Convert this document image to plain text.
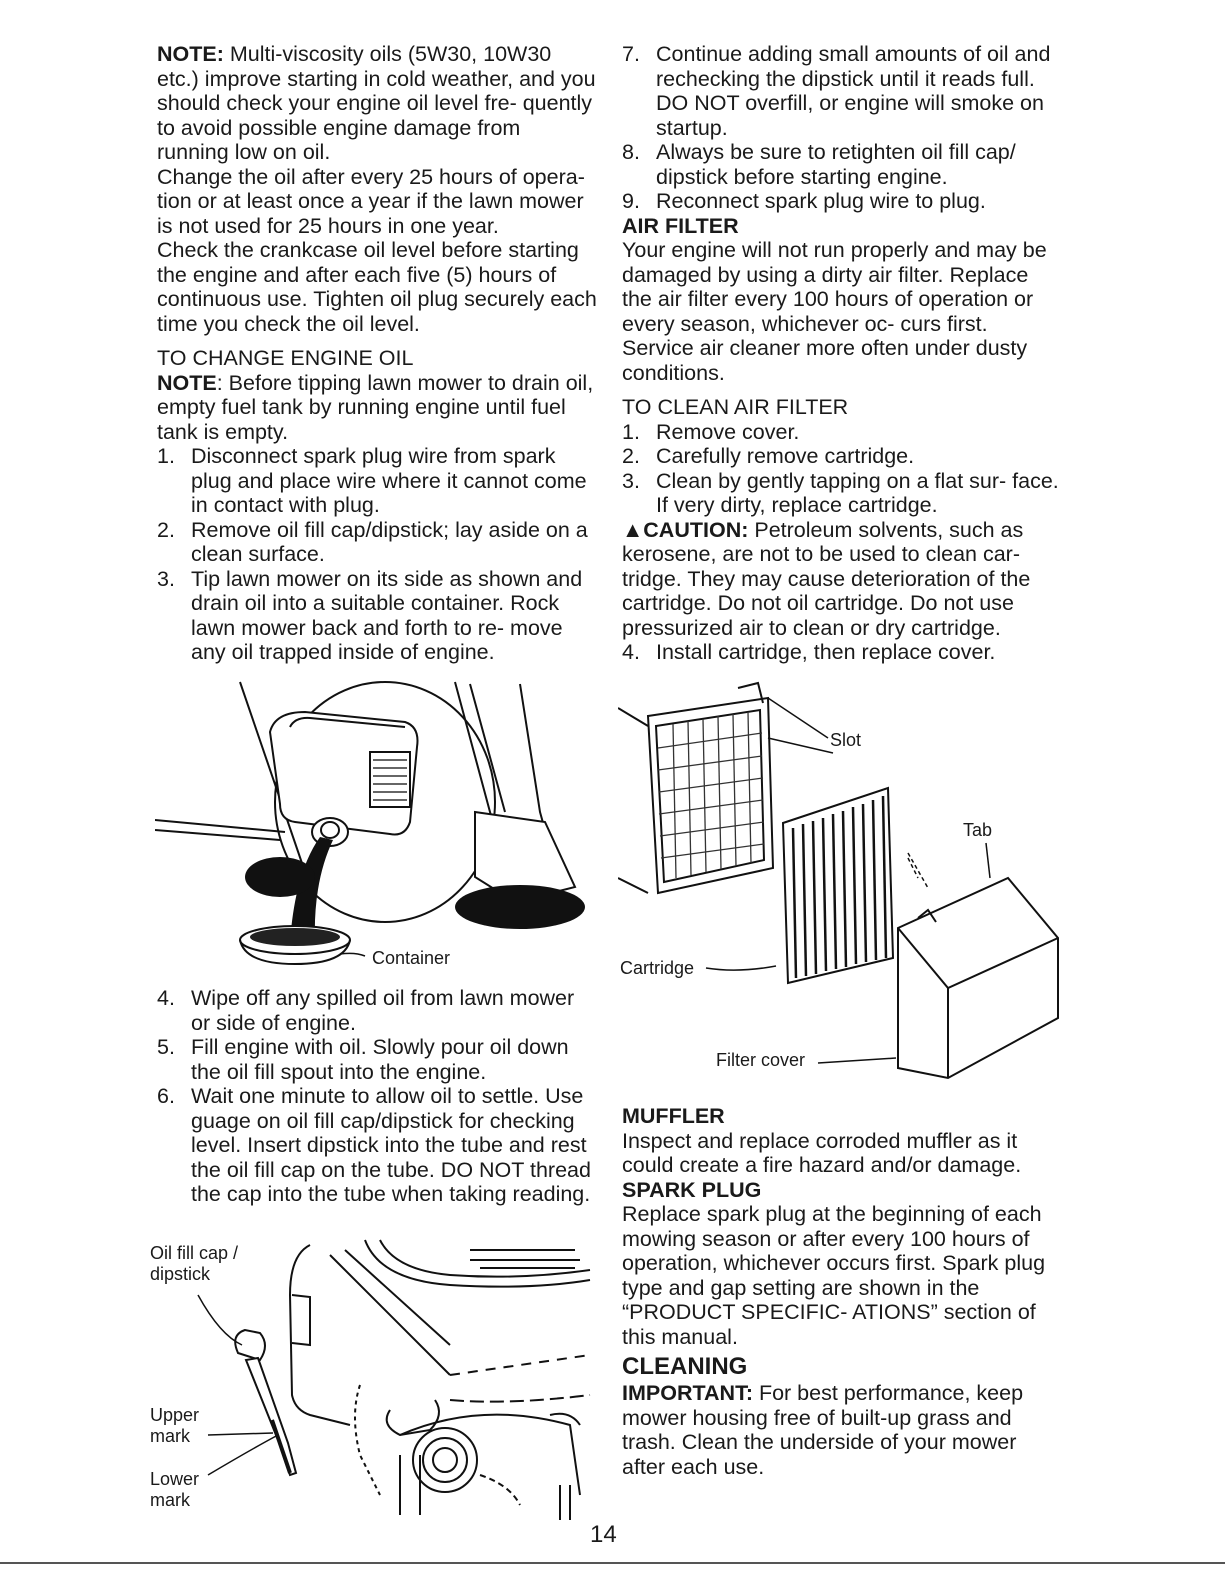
NOTE: Multi-viscosity oils (5W30, 10W30 etc.) improve starting in cold weather, and you should check your engine oil level fre- quently to avoid possible engine damage from running low on oil.

Change the oil after every 25 hours of opera- tion or at least once a year if the lawn mower is not used for 25 hours in one year.

Check the crankcase oil level before starting the engine and after each five (5) hours of continuous use. Tighten oil plug securely each time you check the oil level.

TO CHANGE ENGINE OIL

NOTE: Before tipping lawn mower to drain oil, empty fuel tank by running engine until fuel tank is empty.

1. Disconnect spark plug wire from spark plug and place wire where it cannot come in contact with plug.
2. Remove oil fill cap/dipstick; lay aside on a clean surface.
3. Tip lawn mower on its side as shown and drain oil into a suitable container. Rock lawn mower back and forth to re- move any oil trapped inside of engine.
Container
4. Wipe off any spilled oil from lawn mower or side of engine.
5. Fill engine with oil. Slowly pour oil down the oil fill spout into the engine.
6. Wait one minute to allow oil to settle. Use guage on oil fill cap/dipstick for checking level. Insert dipstick into the tube and rest the oil fill cap on the tube. DO NOT thread the cap into the tube when taking reading.
Oil fill cap /
dipstick
Upper
mark
Lower
mark
7. Continue adding small amounts of oil and rechecking the dipstick until it reads full. DO NOT overfill, or engine will smoke on startup.
8. Always be sure to retighten oil fill cap/ dipstick before starting engine.
9. Reconnect spark plug wire to plug.

AIR FILTER

Your engine will not run properly and may be damaged by using a dirty air filter. Replace the air filter every 100 hours of operation or every season, whichever oc- curs first. Service air cleaner more often under dusty conditions.

TO CLEAN AIR FILTER

1. Remove cover.
2. Carefully remove cartridge.
3. Clean by gently tapping on a flat sur- face. If very dirty, replace cartridge.

▲CAUTION: Petroleum solvents, such as kerosene, are not to be used to clean car- tridge. They may cause deterioration of the cartridge. Do not oil cartridge. Do not use pressurized air to clean or dry cartridge.

4. Install cartridge, then replace cover.
Slot
Tab
Cartridge
Filter cover

MUFFLER

Inspect and replace corroded muffler as it could create a fire hazard and/or damage.

SPARK PLUG

Replace spark plug at the beginning of each mowing season or after every 100 hours of operation, whichever occurs first. Spark plug type and gap setting are shown in the “PRODUCT SPECIFIC- ATIONS” section of this manual.

CLEANING

IMPORTANT: For best performance, keep mower housing free of built-up grass and trash. Clean the underside of your mower after each use.

14
